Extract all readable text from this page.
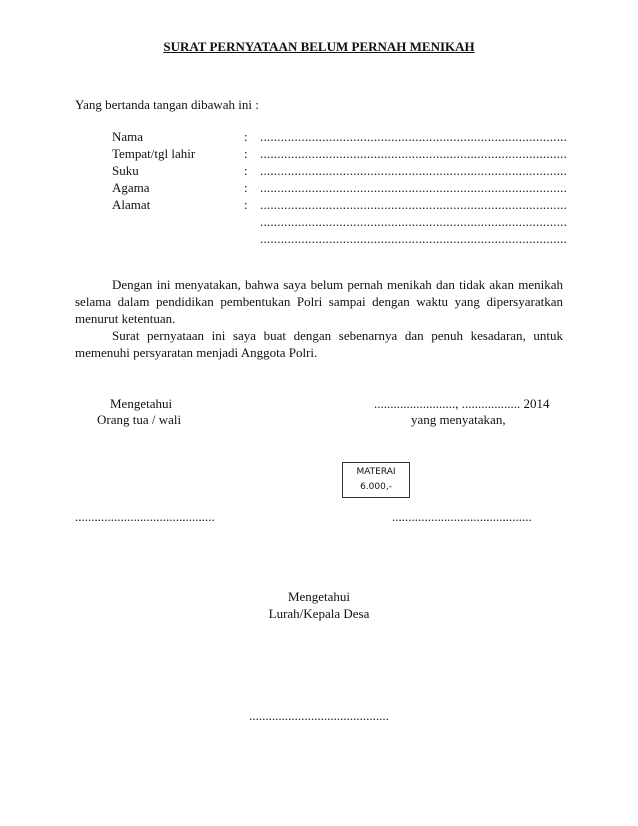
SURAT PERNYATAAN BELUM PERNAH MENIKAH
Yang bertanda tangan dibawah ini :
Nama	: .........................................................................................
Tempat/tgl lahir	: .........................................................................................
Suku	: .........................................................................................
Agama	: .........................................................................................
Alamat	: .........................................................................................
.........................................................................................
.........................................................................................
Dengan ini menyatakan, bahwa saya belum pernah menikah dan tidak akan menikah selama dalam pendidikan pembentukan Polri sampai dengan waktu yang dipersyaratkan menurut ketentuan.
Surat pernyataan ini saya buat dengan sebenarnya dan penuh kesadaran, untuk memenuhi persyaratan menjadi Anggota Polri.
Mengetahui
Orang tua / wali
........................., .................. 2014
yang menyatakan,
MATERAI
6.000,-
...........................................	...........................................
Mengetahui
Lurah/Kepala Desa
...........................................
